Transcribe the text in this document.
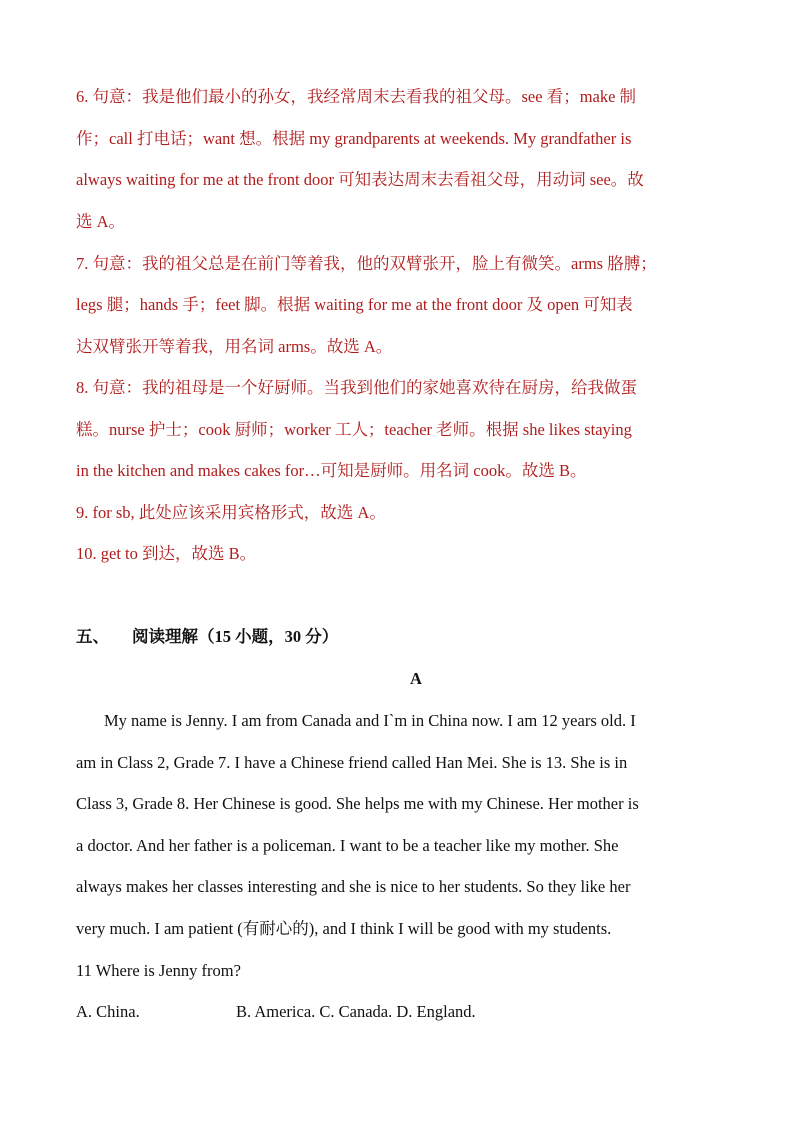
6. 句意：我是他们最小的孙女，我经常周末去看我的祖父母。see 看；make 制
作；call 打电话；want 想。根据 my grandparents at weekends. My grandfather is
always waiting for me at the front door 可知表达周末去看祖父母，用动词 see。故
选 A。
7. 句意：我的祖父总是在前门等着我，他的双臂张开，脸上有微笑。arms 胳膊；
legs 腿；hands 手；feet 脚。根据 waiting for me at the front door 及 open 可知表
达双臂张开等着我，用名词 arms。故选 A。
8. 句意：我的祖母是一个好厨师。当我到他们的家她喜欢待在厨房，给我做蛋
糕。nurse 护士；cook 厨师；worker 工人；teacher 老师。根据 she likes staying
in the kitchen and makes cakes for…可知是厨师。用名词 cook。故选 B。
9. for sb, 此处应该采用宾格形式，故选 A。
10. get to 到达，故选 B。
五、 阅读理解（15 小题，30 分）
A
My name is Jenny. I am from Canada and I`m in China now. I am 12 years old. I
am in Class 2, Grade 7. I have a Chinese friend called Han Mei. She is 13. She is in
Class 3, Grade 8. Her Chinese is good. She helps me with my Chinese. Her mother is
a doctor. And her father is a policeman. I want to be a teacher like my mother. She
always makes her classes interesting and she is nice to her students. So they like her
very much. I am patient (有耐心的), and I think I will be good with my students.
11 Where is Jenny from?
A. China.	B. America. C. Canada. D. England.
